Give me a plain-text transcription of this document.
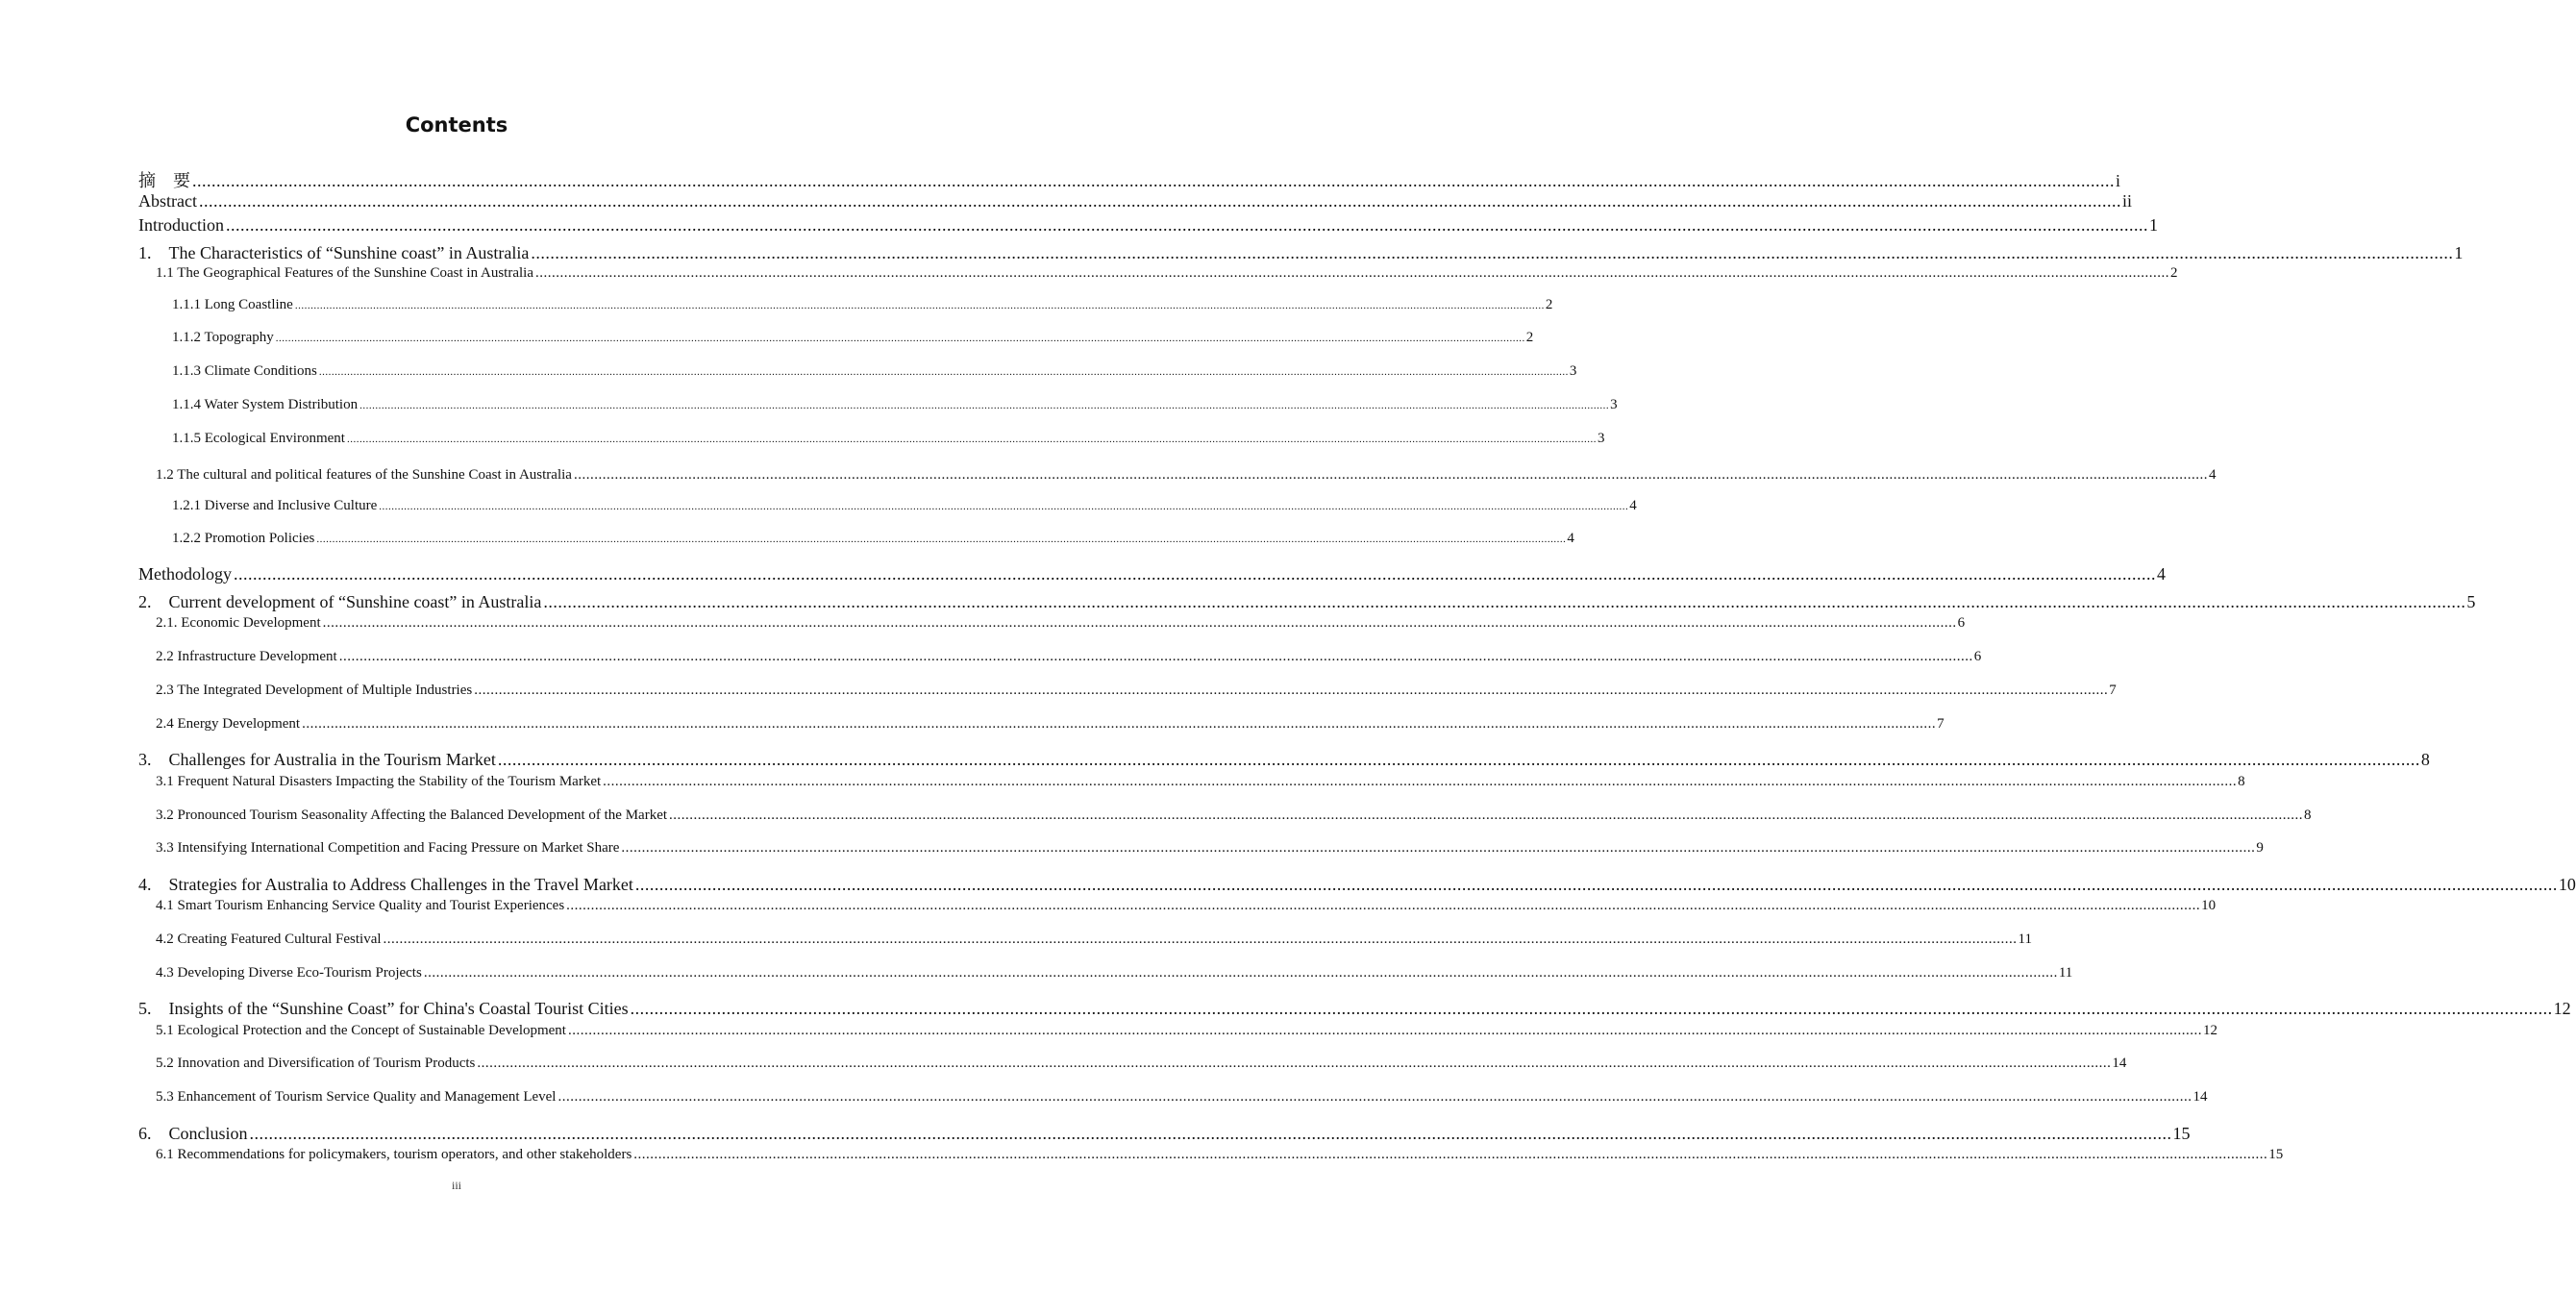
Contents
摘　要 ................................................................................................................................................................................................................................................................................................................................................................................................................ i
Abstract ................................................................................................................................................................................................................................................................................................................................................................................................................ ii
Introduction ................................................................................................................................................................................................................................................................................................................................................................................................................ 1
1.　The Characteristics of “Sunshine coast” in Australia ................................................................................................................................................................................................................................................................................................................................................................................................................ 1
1.1 The Geographical Features of the Sunshine Coast in Australia ................................................................................................................................................................................................................................................................................................................................................................................................................ 2
1.1.1 Long Coastline ................................................................................................................................................................................................................................................................................................................................................................................................................ 2
1.1.2 Topography ................................................................................................................................................................................................................................................................................................................................................................................................................ 2
1.1.3 Climate Conditions ................................................................................................................................................................................................................................................................................................................................................................................................................ 3
1.1.4 Water System Distribution ................................................................................................................................................................................................................................................................................................................................................................................................................ 3
1.1.5 Ecological Environment ................................................................................................................................................................................................................................................................................................................................................................................................................ 3
1.2 The cultural and political features of the Sunshine Coast in Australia ................................................................................................................................................................................................................................................................................................................................................................................................................ 4
1.2.1 Diverse and Inclusive Culture ................................................................................................................................................................................................................................................................................................................................................................................................................ 4
1.2.2 Promotion Policies ................................................................................................................................................................................................................................................................................................................................................................................................................ 4
Methodology ................................................................................................................................................................................................................................................................................................................................................................................................................ 4
2.　Current development of “Sunshine coast” in Australia ................................................................................................................................................................................................................................................................................................................................................................................................................ 5
2.1. Economic Development ................................................................................................................................................................................................................................................................................................................................................................................................................ 6
2.2 Infrastructure Development ................................................................................................................................................................................................................................................................................................................................................................................................................ 6
2.3 The Integrated Development of Multiple Industries ................................................................................................................................................................................................................................................................................................................................................................................................................ 7
2.4 Energy Development ................................................................................................................................................................................................................................................................................................................................................................................................................ 7
3.　Challenges for Australia in the Tourism Market ................................................................................................................................................................................................................................................................................................................................................................................................................ 8
3.1 Frequent Natural Disasters Impacting the Stability of the Tourism Market ................................................................................................................................................................................................................................................................................................................................................................................................................ 8
3.2 Pronounced Tourism Seasonality Affecting the Balanced Development of the Market ................................................................................................................................................................................................................................................................................................................................................................................................................ 8
3.3 Intensifying International Competition and Facing Pressure on Market Share ................................................................................................................................................................................................................................................................................................................................................................................................................ 9
4.　Strategies for Australia to Address Challenges in the Travel Market ................................................................................................................................................................................................................................................................................................................................................................................................................ 10
4.1 Smart Tourism Enhancing Service Quality and Tourist Experiences ................................................................................................................................................................................................................................................................................................................................................................................................................ 10
4.2 Creating Featured Cultural Festival ................................................................................................................................................................................................................................................................................................................................................................................................................ 11
4.3 Developing Diverse Eco-Tourism Projects ................................................................................................................................................................................................................................................................................................................................................................................................................ 11
5.　Insights of the “Sunshine Coast” for China's Coastal Tourist Cities ................................................................................................................................................................................................................................................................................................................................................................................................................ 12
5.1 Ecological Protection and the Concept of Sustainable Development ................................................................................................................................................................................................................................................................................................................................................................................................................ 12
5.2 Innovation and Diversification of Tourism Products ................................................................................................................................................................................................................................................................................................................................................................................................................ 14
5.3 Enhancement of Tourism Service Quality and Management Level ................................................................................................................................................................................................................................................................................................................................................................................................................ 14
6.　Conclusion ................................................................................................................................................................................................................................................................................................................................................................................................................ 15
6.1 Recommendations for policymakers, tourism operators, and other stakeholders ................................................................................................................................................................................................................................................................................................................................................................................................................ 15
iii
